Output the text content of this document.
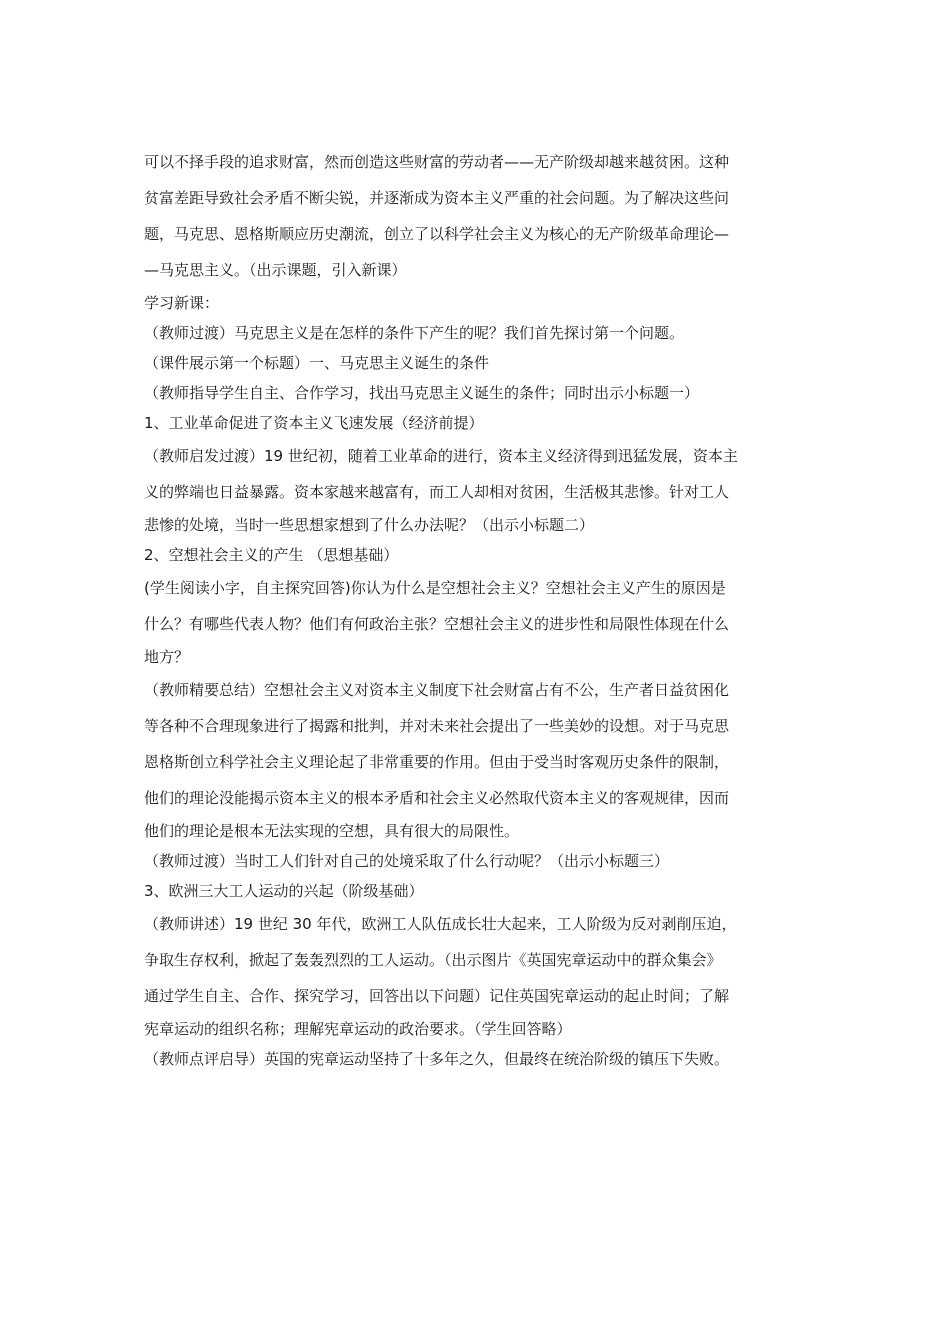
可以不择手段的追求财富，然而创造这些财富的劳动者——无产阶级却越来越贫困。这种

贫富差距导致社会矛盾不断尖锐，并逐渐成为资本主义严重的社会问题。为了解决这些问

题，马克思、恩格斯顺应历史潮流，创立了以科学社会主义为核心的无产阶级革命理论—

—马克思主义。（出示课题，引入新课）

学习新课：

（教师过渡）马克思主义是在怎样的条件下产生的呢？我们首先探讨第一个问题。

（课件展示第一个标题）一、马克思主义诞生的条件

（教师指导学生自主、合作学习，找出马克思主义诞生的条件；同时出示小标题一）

1、工业革命促进了资本主义飞速发展（经济前提）

（教师启发过渡）19 世纪初，随着工业革命的进行，资本主义经济得到迅猛发展，资本主

义的弊端也日益暴露。资本家越来越富有，而工人却相对贫困，生活极其悲惨。针对工人

悲惨的处境，当时一些思想家想到了什么办法呢？（出示小标题二）

2、空想社会主义的产生 （思想基础）

(学生阅读小字，自主探究回答)你认为什么是空想社会主义？空想社会主义产生的原因是

什么？有哪些代表人物？他们有何政治主张？空想社会主义的进步性和局限性体现在什么

地方？

（教师精要总结）空想社会主义对资本主义制度下社会财富占有不公，生产者日益贫困化

等各种不合理现象进行了揭露和批判，并对未来社会提出了一些美妙的设想。对于马克思

恩格斯创立科学社会主义理论起了非常重要的作用。但由于受当时客观历史条件的限制，

他们的理论没能揭示资本主义的根本矛盾和社会主义必然取代资本主义的客观规律，因而

他们的理论是根本无法实现的空想，具有很大的局限性。

（教师过渡）当时工人们针对自己的处境采取了什么行动呢？（出示小标题三）

3、欧洲三大工人运动的兴起（阶级基础）

（教师讲述）19 世纪 30 年代，欧洲工人队伍成长壮大起来，工人阶级为反对剥削压迫，

争取生存权利，掀起了轰轰烈烈的工人运动。（出示图片《英国宪章运动中的群众集会》

通过学生自主、合作、探究学习，回答出以下问题）记住英国宪章运动的起止时间；了解

宪章运动的组织名称；理解宪章运动的政治要求。（学生回答略）

（教师点评启导）英国的宪章运动坚持了十多年之久，但最终在统治阶级的镇压下失败。
